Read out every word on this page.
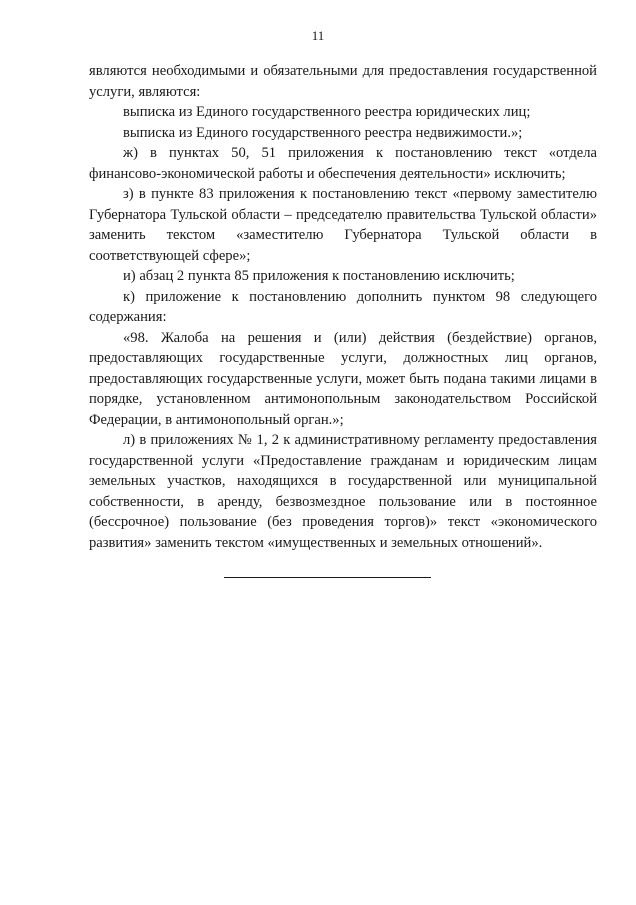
11

являются необходимыми и обязательными для предоставления государственной услуги, являются:

выписка из Единого государственного реестра юридических лиц;

выписка из Единого государственного реестра недвижимости.»;

ж) в пунктах 50, 51 приложения к постановлению текст «отдела финансово-экономической работы и обеспечения деятельности» исключить;

з) в пункте 83 приложения к постановлению текст «первому заместителю Губернатора Тульской области – председателю правительства Тульской области» заменить текстом «заместителю Губернатора Тульской области в соответствующей сфере»;

и) абзац 2 пункта 85 приложения к постановлению исключить;

к) приложение к постановлению дополнить пунктом 98 следующего содержания:

«98. Жалоба на решения и (или) действия (бездействие) органов, предоставляющих государственные услуги, должностных лиц органов, предоставляющих государственные услуги, может быть подана такими лицами в порядке, установленном антимонопольным законодательством Российской Федерации, в антимонопольный орган.»;

л) в приложениях № 1, 2 к административному регламенту предоставления государственной услуги «Предоставление гражданам и юридическим лицам земельных участков, находящихся в государственной или муниципальной собственности, в аренду, безвозмездное пользование или в постоянное (бессрочное) пользование (без проведения торгов)» текст «экономического развития» заменить текстом «имущественных и земельных отношений».
